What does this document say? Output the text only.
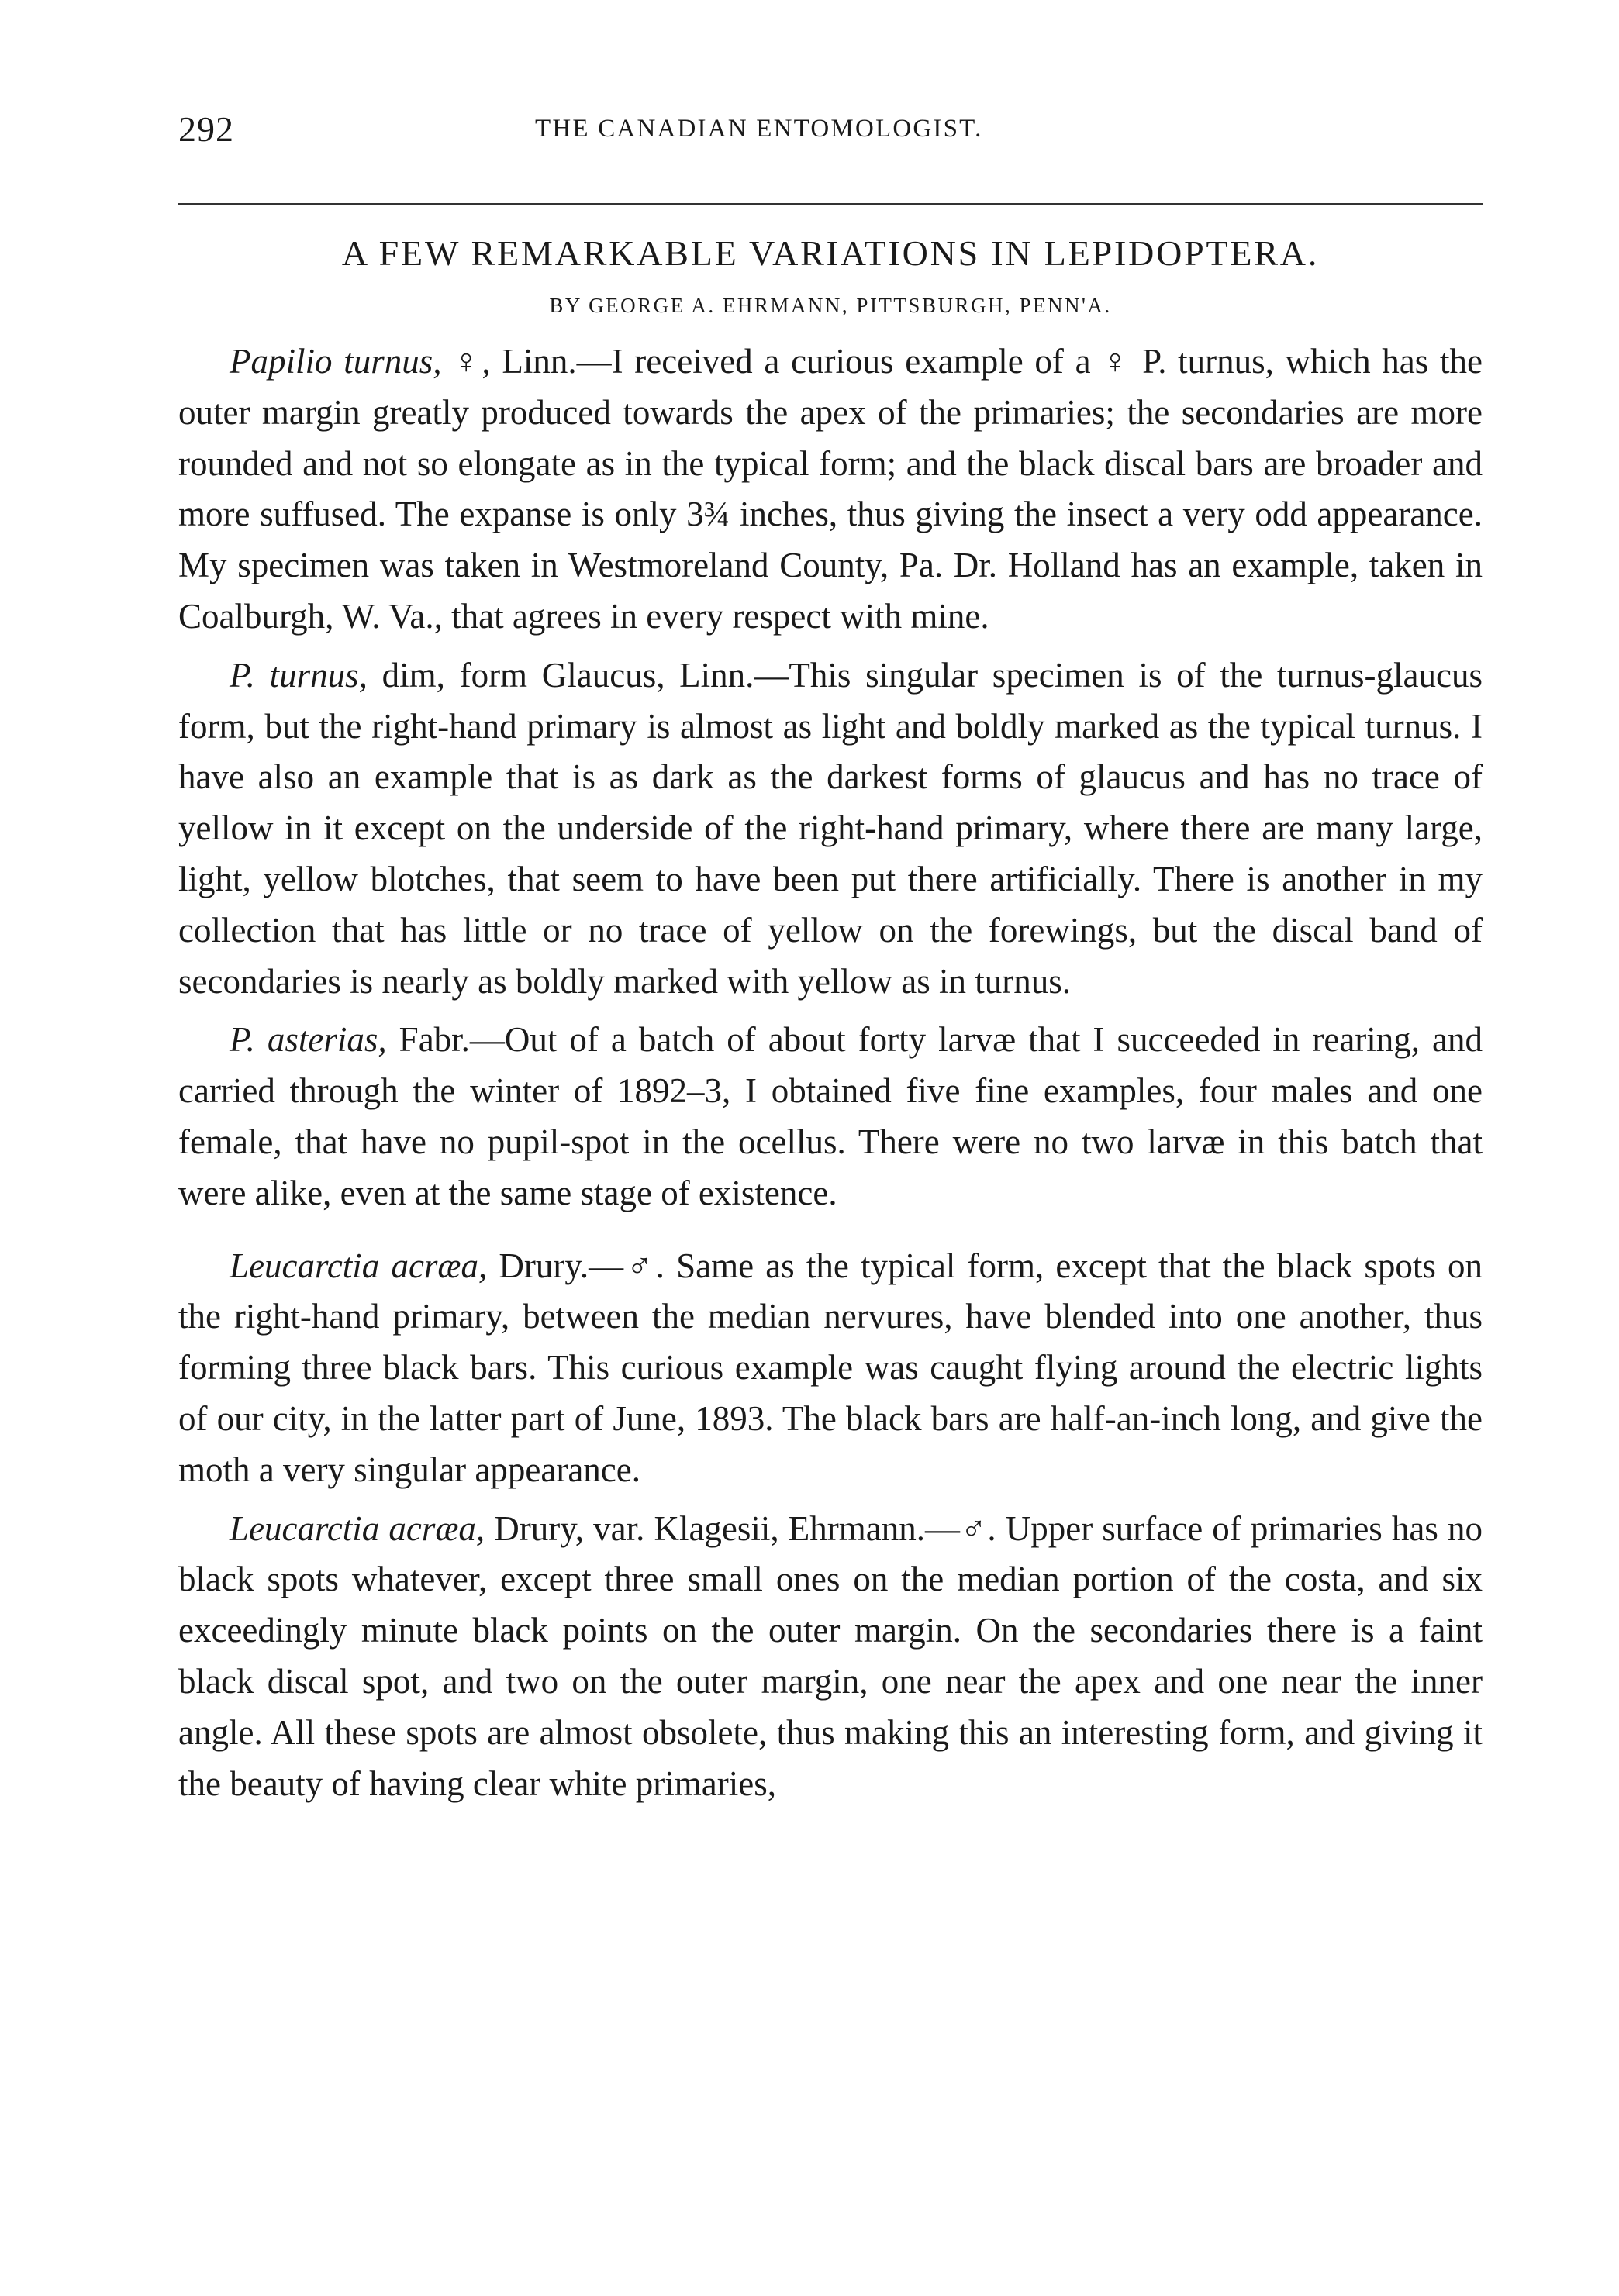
292	THE CANADIAN ENTOMOLOGIST.
A FEW REMARKABLE VARIATIONS IN LEPIDOPTERA.
BY GEORGE A. EHRMANN, PITTSBURGH, PENN'A.

Papilio turnus, ♀, Linn.—I received a curious example of a ♀ P. turnus, which has the outer margin greatly produced towards the apex of the primaries; the secondaries are more rounded and not so elongate as in the typical form; and the black discal bars are broader and more suffused. The expanse is only 3¾ inches, thus giving the insect a very odd appearance. My specimen was taken in Westmoreland County, Pa. Dr. Holland has an example, taken in Coalburgh, W. Va., that agrees in every respect with mine.

P. turnus, dim, form Glaucus, Linn.—This singular specimen is of the turnus-glaucus form, but the right-hand primary is almost as light and boldly marked as the typical turnus. I have also an example that is as dark as the darkest forms of glaucus and has no trace of yellow in it except on the underside of the right-hand primary, where there are many large, light, yellow blotches, that seem to have been put there artificially. There is another in my collection that has little or no trace of yellow on the forewings, but the discal band of secondaries is nearly as boldly marked with yellow as in turnus.

P. asterias, Fabr.—Out of a batch of about forty larvæ that I succeeded in rearing, and carried through the winter of 1892–3, I obtained five fine examples, four males and one female, that have no pupil-spot in the ocellus. There were no two larvæ in this batch that were alike, even at the same stage of existence.

Leucarctia acræa, Drury.—♂. Same as the typical form, except that the black spots on the right-hand primary, between the median nervures, have blended into one another, thus forming three black bars. This curious example was caught flying around the electric lights of our city, in the latter part of June, 1893. The black bars are half-an-inch long, and give the moth a very singular appearance.

Leucarctia acræa, Drury, var. Klagesii, Ehrmann.—♂. Upper surface of primaries has no black spots whatever, except three small ones on the median portion of the costa, and six exceedingly minute black points on the outer margin. On the secondaries there is a faint black discal spot, and two on the outer margin, one near the apex and one near the inner angle. All these spots are almost obsolete, thus making this an interesting form, and giving it the beauty of having clear white primaries,
